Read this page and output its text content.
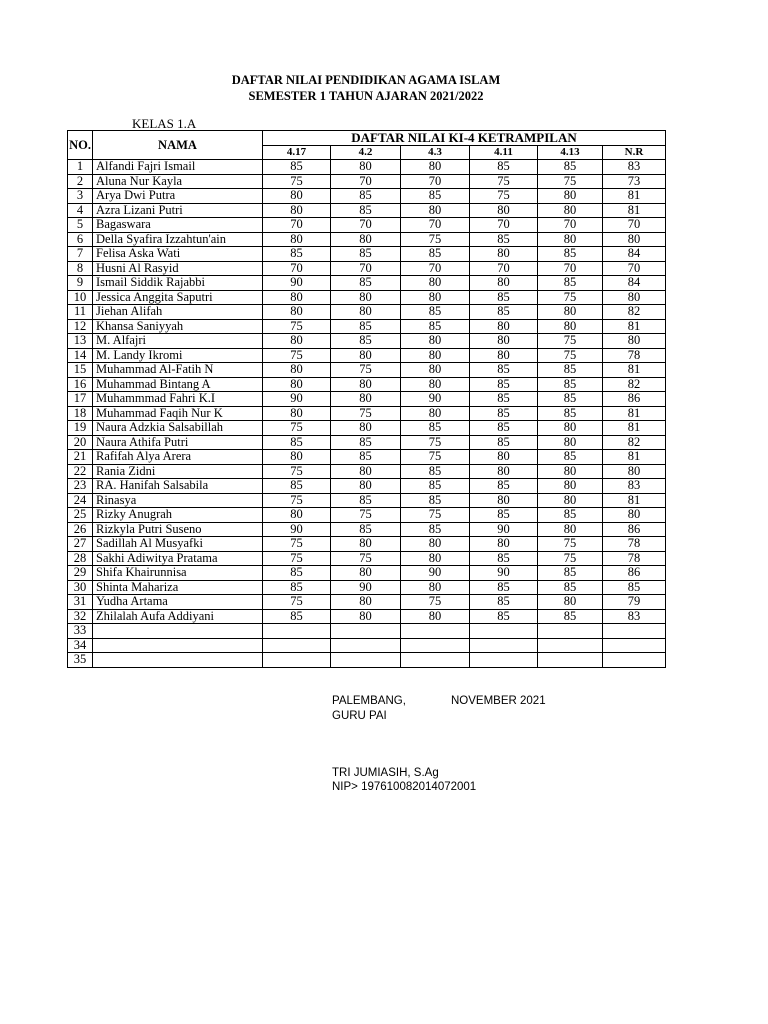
DAFTAR NILAI PENDIDIKAN AGAMA ISLAM
SEMESTER 1 TAHUN AJARAN 2021/2022
KELAS 1.A
NO.	NAMA	DAFTAR NILAI KI-4 KETRAMPILAN					
		4.17	4.2	4.3	4.11	4.13	N.R
1	Alfandi Fajri Ismail	85	80	80	85	85	83
2	Aluna Nur Kayla	75	70	70	75	75	73
3	Arya Dwi Putra	80	85	85	75	80	81
4	Azra Lizani Putri	80	85	80	80	80	81
5	Bagaswara	70	70	70	70	70	70
6	Della Syafira Izzahtun'ain	80	80	75	85	80	80
7	Felisa Aska Wati	85	85	85	80	85	84
8	Husni Al Rasyid	70	70	70	70	70	70
9	Ismail Siddik Rajabbi	90	85	80	80	85	84
10	Jessica Anggita Saputri	80	80	80	85	75	80
11	Jiehan Alifah	80	80	85	85	80	82
12	Khansa Saniyyah	75	85	85	80	80	81
13	M. Alfajri	80	85	80	80	75	80
14	M. Landy Ikromi	75	80	80	80	75	78
15	Muhammad Al-Fatih N	80	75	80	85	85	81
16	Muhammad Bintang A	80	80	80	85	85	82
17	Muhammmad Fahri K.I	90	80	90	85	85	86
18	Muhammad Faqih Nur K	80	75	80	85	85	81
19	Naura Adzkia Salsabillah	75	80	85	85	80	81
20	Naura Athifa Putri	85	85	75	85	80	82
21	Rafifah Alya Arera	80	85	75	80	85	81
22	Rania Zidni	75	80	85	80	80	80
23	RA. Hanifah Salsabila	85	80	85	85	80	83
24	Rinasya	75	85	85	80	80	81
25	Rizky Anugrah	80	75	75	85	85	80
26	Rizkyla Putri Suseno	90	85	85	90	80	86
27	Sadillah Al Musyafki	75	80	80	80	75	78
28	Sakhi Adiwitya Pratama	75	75	80	85	75	78
29	Shifa Khairunnisa	85	80	90	90	85	86
30	Shinta Mahariza	85	90	80	85	85	85
31	Yudha Artama	75	80	75	85	80	79
32	Zhilalah Aufa Addiyani	85	80	80	85	85	83
33							
34							
35							
PALEMBANG,	NOVEMBER 2021
GURU PAI
TRI JUMIASIH, S.Ag
NIP> 197610082014072001
